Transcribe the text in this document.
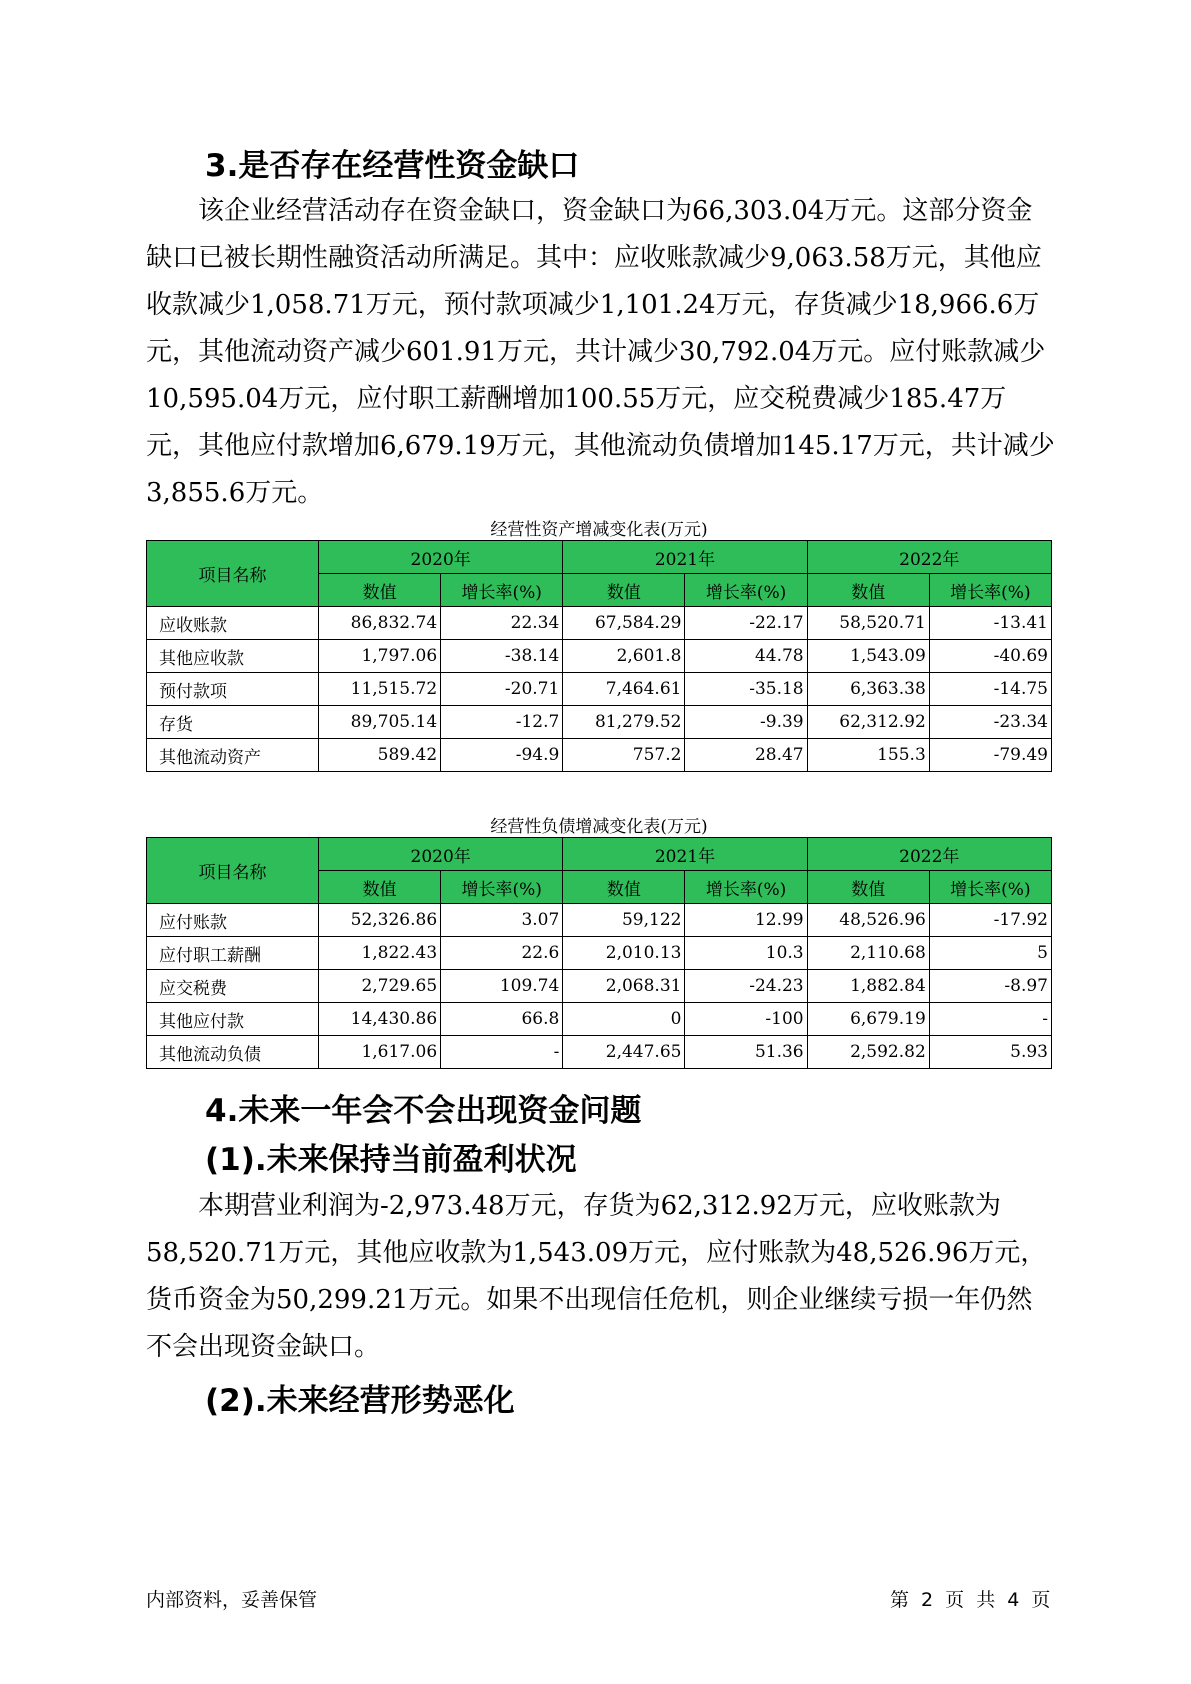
3.是否存在经营性资金缺口

该企业经营活动存在资金缺口，资金缺口为66,303.04万元。这部分资金缺口已被长期性融资活动所满足。其中：应收账款减少9,063.58万元，其他应收款减少1,058.71万元，预付款项减少1,101.24万元，存货减少18,966.6万元，其他流动资产减少601.91万元，共计减少30,792.04万元。应付账款减少10,595.04万元，应付职工薪酬增加100.55万元，应交税费减少185.47万元，其他应付款增加6,679.19万元，其他流动负债增加145.17万元，共计减少3,855.6万元。

经营性资产增减变化表(万元)
项目名称	2020年		2021年		2022年	
	数值	增长率(%)	数值	增长率(%)	数值	增长率(%)
应收账款	86,832.74	22.34	67,584.29	-22.17	58,520.71	-13.41
其他应收款	1,797.06	-38.14	2,601.8	44.78	1,543.09	-40.69
预付款项	11,515.72	-20.71	7,464.61	-35.18	6,363.38	-14.75
存货	89,705.14	-12.7	81,279.52	-9.39	62,312.92	-23.34
其他流动资产	589.42	-94.9	757.2	28.47	155.3	-79.49
经营性负债增减变化表(万元)
项目名称	2020年		2021年		2022年	
	数值	增长率(%)	数值	增长率(%)	数值	增长率(%)
应付账款	52,326.86	3.07	59,122	12.99	48,526.96	-17.92
应付职工薪酬	1,822.43	22.6	2,010.13	10.3	2,110.68	5
应交税费	2,729.65	109.74	2,068.31	-24.23	1,882.84	-8.97
其他应付款	14,430.86	66.8	0	-100	6,679.19	-
其他流动负债	1,617.06	-	2,447.65	51.36	2,592.82	5.93
4.未来一年会不会出现资金问题
(1).未来保持当前盈利状况

本期营业利润为-2,973.48万元，存货为62,312.92万元，应收账款为58,520.71万元，其他应收款为1,543.09万元，应付账款为48,526.96万元，货币资金为50,299.21万元。如果不出现信任危机，则企业继续亏损一年仍然不会出现资金缺口。

(2).未来经营形势恶化
内部资料，妥善保管	第 2 页 共 4 页
